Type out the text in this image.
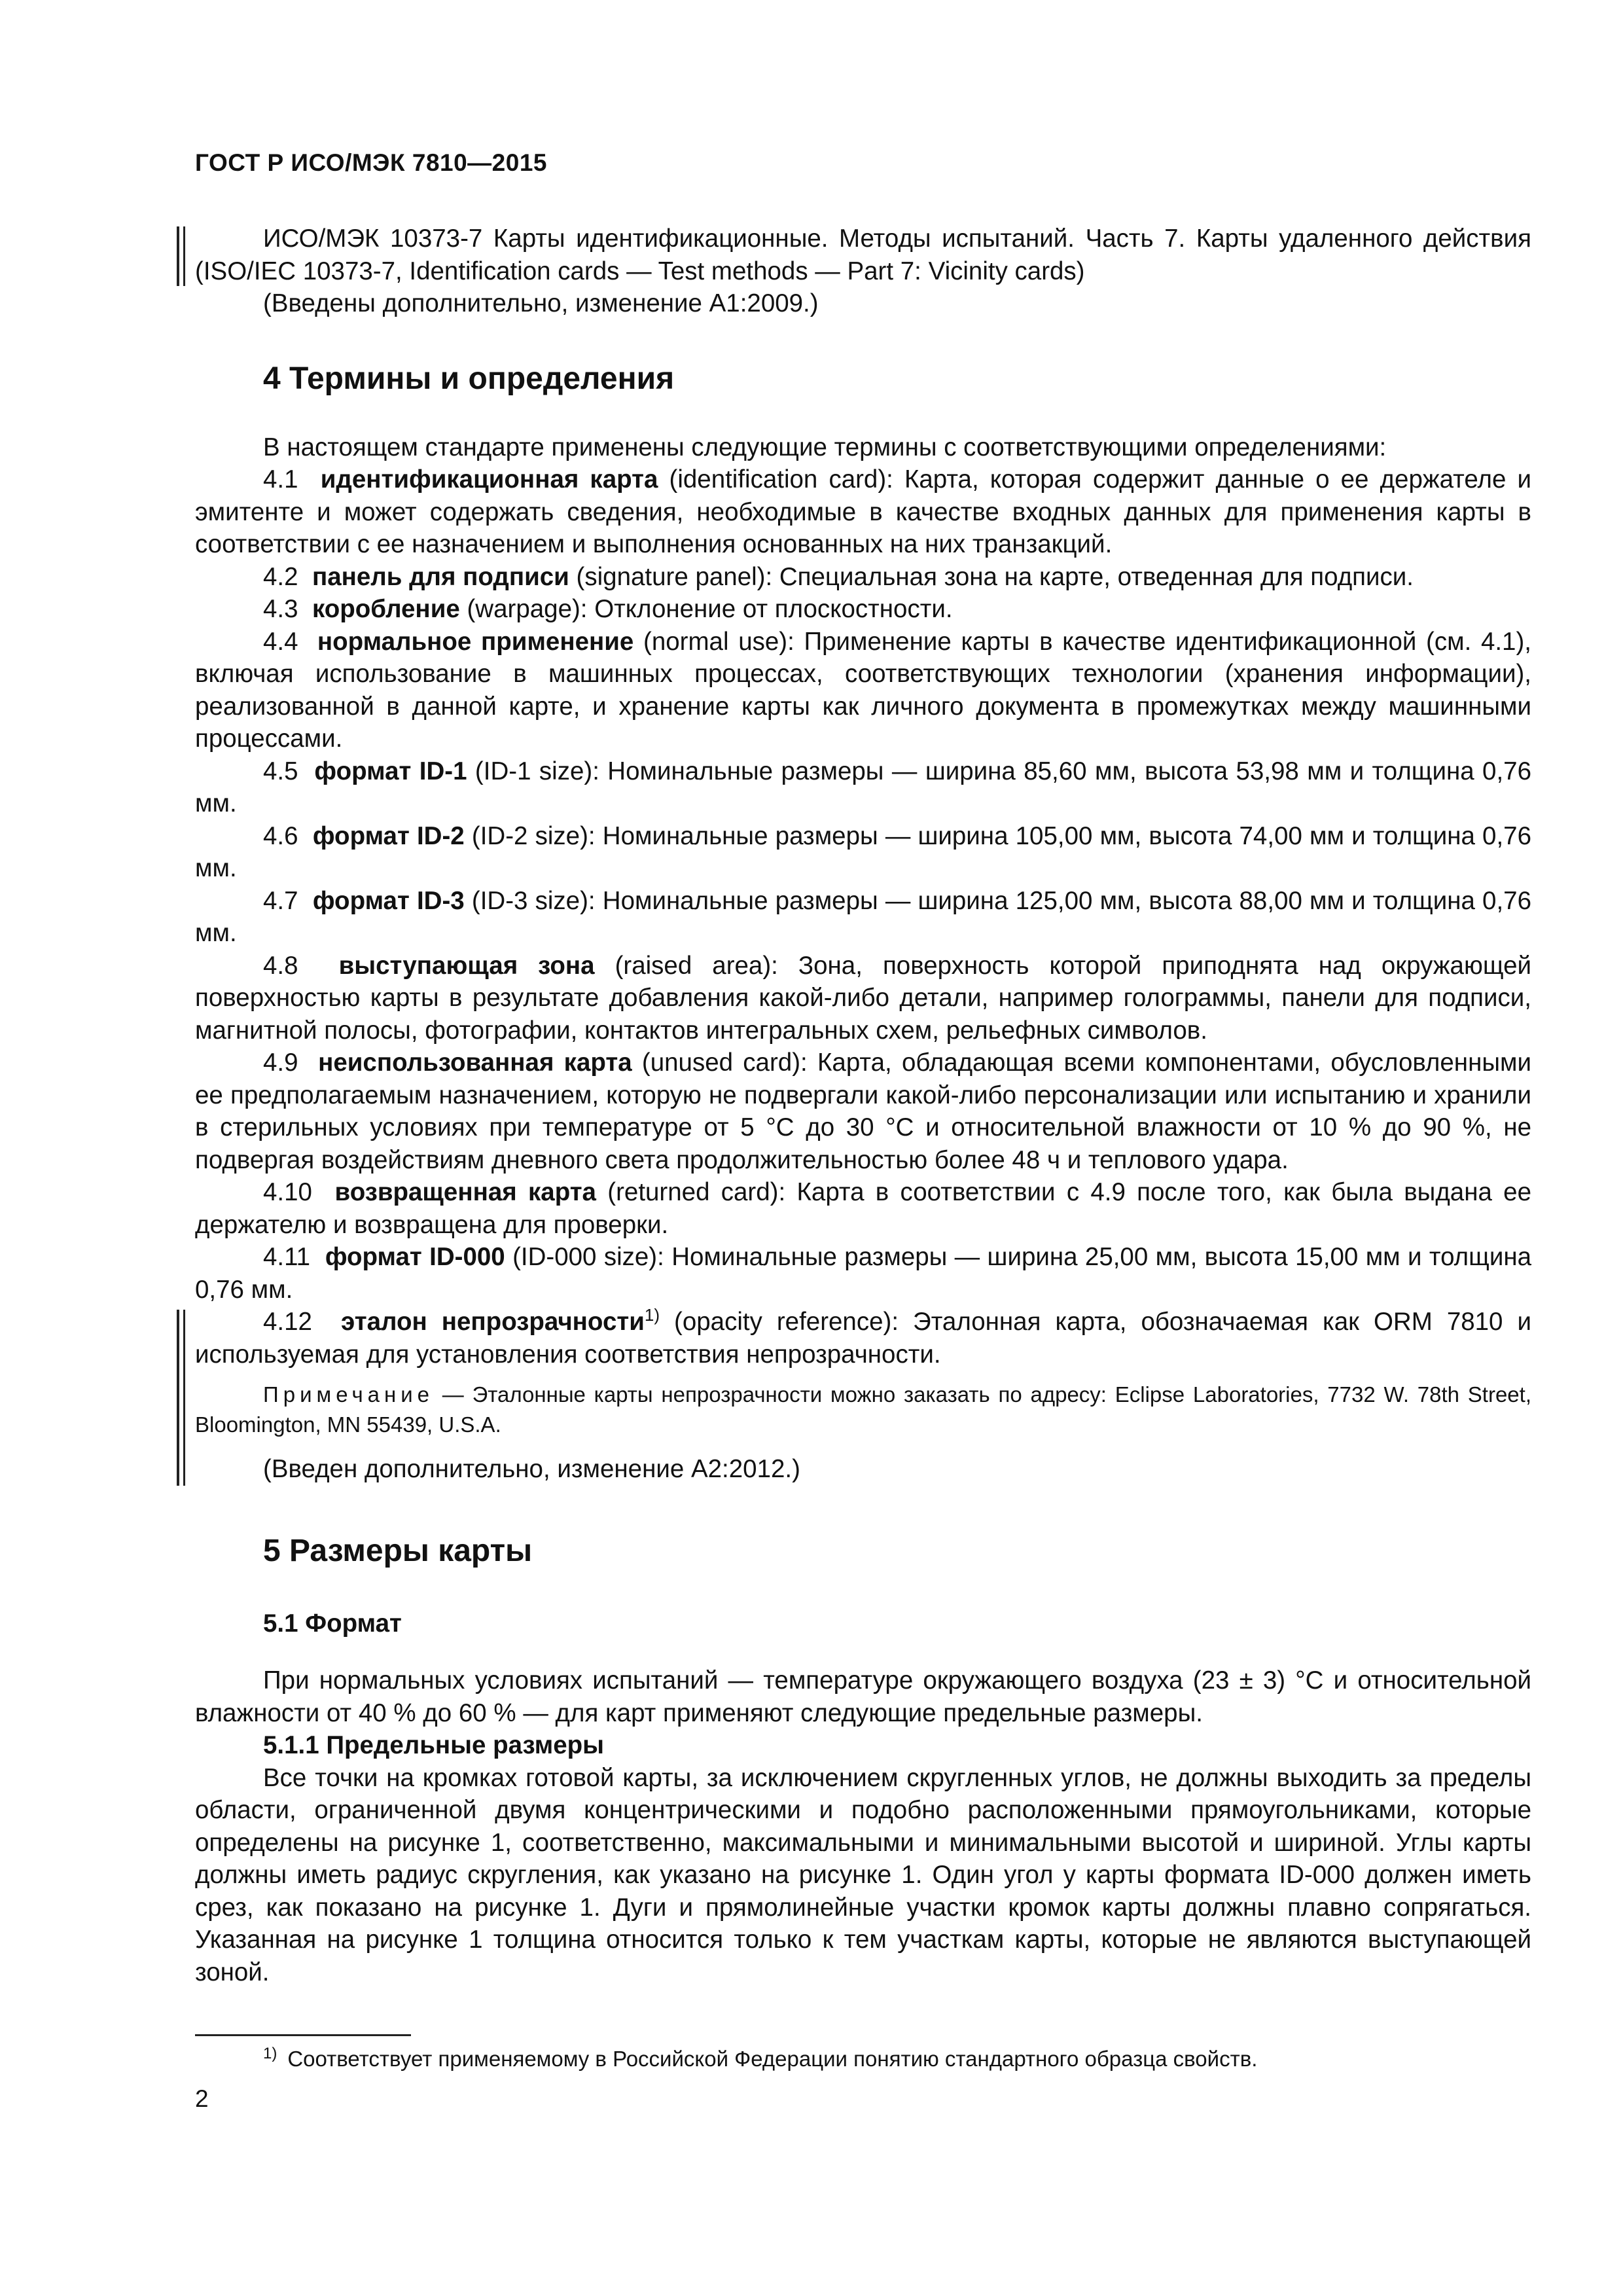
ГОСТ Р ИСО/МЭК 7810—2015

ИСО/МЭК 10373-7 Карты идентификационные. Методы испытаний. Часть 7. Карты удаленного действия (ISO/IEC 10373-7, Identification cards — Test methods — Part 7: Vicinity cards)

(Введены дополнительно, изменение А1:2009.)

4 Термины и определения

В настоящем стандарте применены следующие термины с соответствующими определениями:

4.1 идентификационная карта (identification card): Карта, которая содержит данные о ее держателе и эмитенте и может содержать сведения, необходимые в качестве входных данных для применения карты в соответствии с ее назначением и выполнения основанных на них транзакций.

4.2 панель для подписи (signature panel): Специальная зона на карте, отведенная для подписи.

4.3 коробление (warpage): Отклонение от плоскостности.

4.4 нормальное применение (normal use): Применение карты в качестве идентификационной (см. 4.1), включая использование в машинных процессах, соответствующих технологии (хранения информации), реализованной в данной карте, и хранение карты как личного документа в промежутках между машинными процессами.

4.5 формат ID-1 (ID-1 size): Номинальные размеры — ширина 85,60 мм, высота 53,98 мм и толщина 0,76 мм.

4.6 формат ID-2 (ID-2 size): Номинальные размеры — ширина 105,00 мм, высота 74,00 мм и толщина 0,76 мм.

4.7 формат ID-3 (ID-3 size): Номинальные размеры — ширина 125,00 мм, высота 88,00 мм и толщина 0,76 мм.

4.8 выступающая зона (raised area): Зона, поверхность которой приподнята над окружающей поверхностью карты в результате добавления какой-либо детали, например голограммы, панели для подписи, магнитной полосы, фотографии, контактов интегральных схем, рельефных символов.

4.9 неиспользованная карта (unused card): Карта, обладающая всеми компонентами, обусловленными ее предполагаемым назначением, которую не подвергали какой-либо персонализации или испытанию и хранили в стерильных условиях при температуре от 5 °С до 30 °С и относительной влажности от 10 % до 90 %, не подвергая воздействиям дневного света продолжительностью более 48 ч и теплового удара.

4.10 возвращенная карта (returned card): Карта в соответствии с 4.9 после того, как была выдана ее держателю и возвращена для проверки.

4.11 формат ID-000 (ID-000 size): Номинальные размеры — ширина 25,00 мм, высота 15,00 мм и толщина 0,76 мм.

4.12 эталон непрозрачности$^{1)}$ (opacity reference): Эталонная карта, обозначаемая как ORM 7810 и используемая для установления соответствия непрозрачности.

Примечание — Эталонные карты непрозрачности можно заказать по адресу: Eclipse Laboratories, 7732 W. 78th Street, Bloomington, MN 55439, U.S.A.

(Введен дополнительно, изменение А2:2012.)

5 Размеры карты
5.1 Формат

При нормальных условиях испытаний — температуре окружающего воздуха (23 ± 3) °С и относительной влажности от 40 % до 60 % — для карт применяют следующие предельные размеры.

5.1.1 Предельные размеры

Все точки на кромках готовой карты, за исключением скругленных углов, не должны выходить за пределы области, ограниченной двумя концентрическими и подобно расположенными прямоугольниками, которые определены на рисунке 1, соответственно, максимальными и минимальными высотой и шириной. Углы карты должны иметь радиус скругления, как указано на рисунке 1. Один угол у карты формата ID-000 должен иметь срез, как показано на рисунке 1. Дуги и прямолинейные участки кромок карты должны плавно сопрягаться. Указанная на рисунке 1 толщина относится только к тем участкам карты, которые не являются выступающей зоной.

$^{1)}$ Соответствует применяемому в Российской Федерации понятию стандартного образца свойств.
2
